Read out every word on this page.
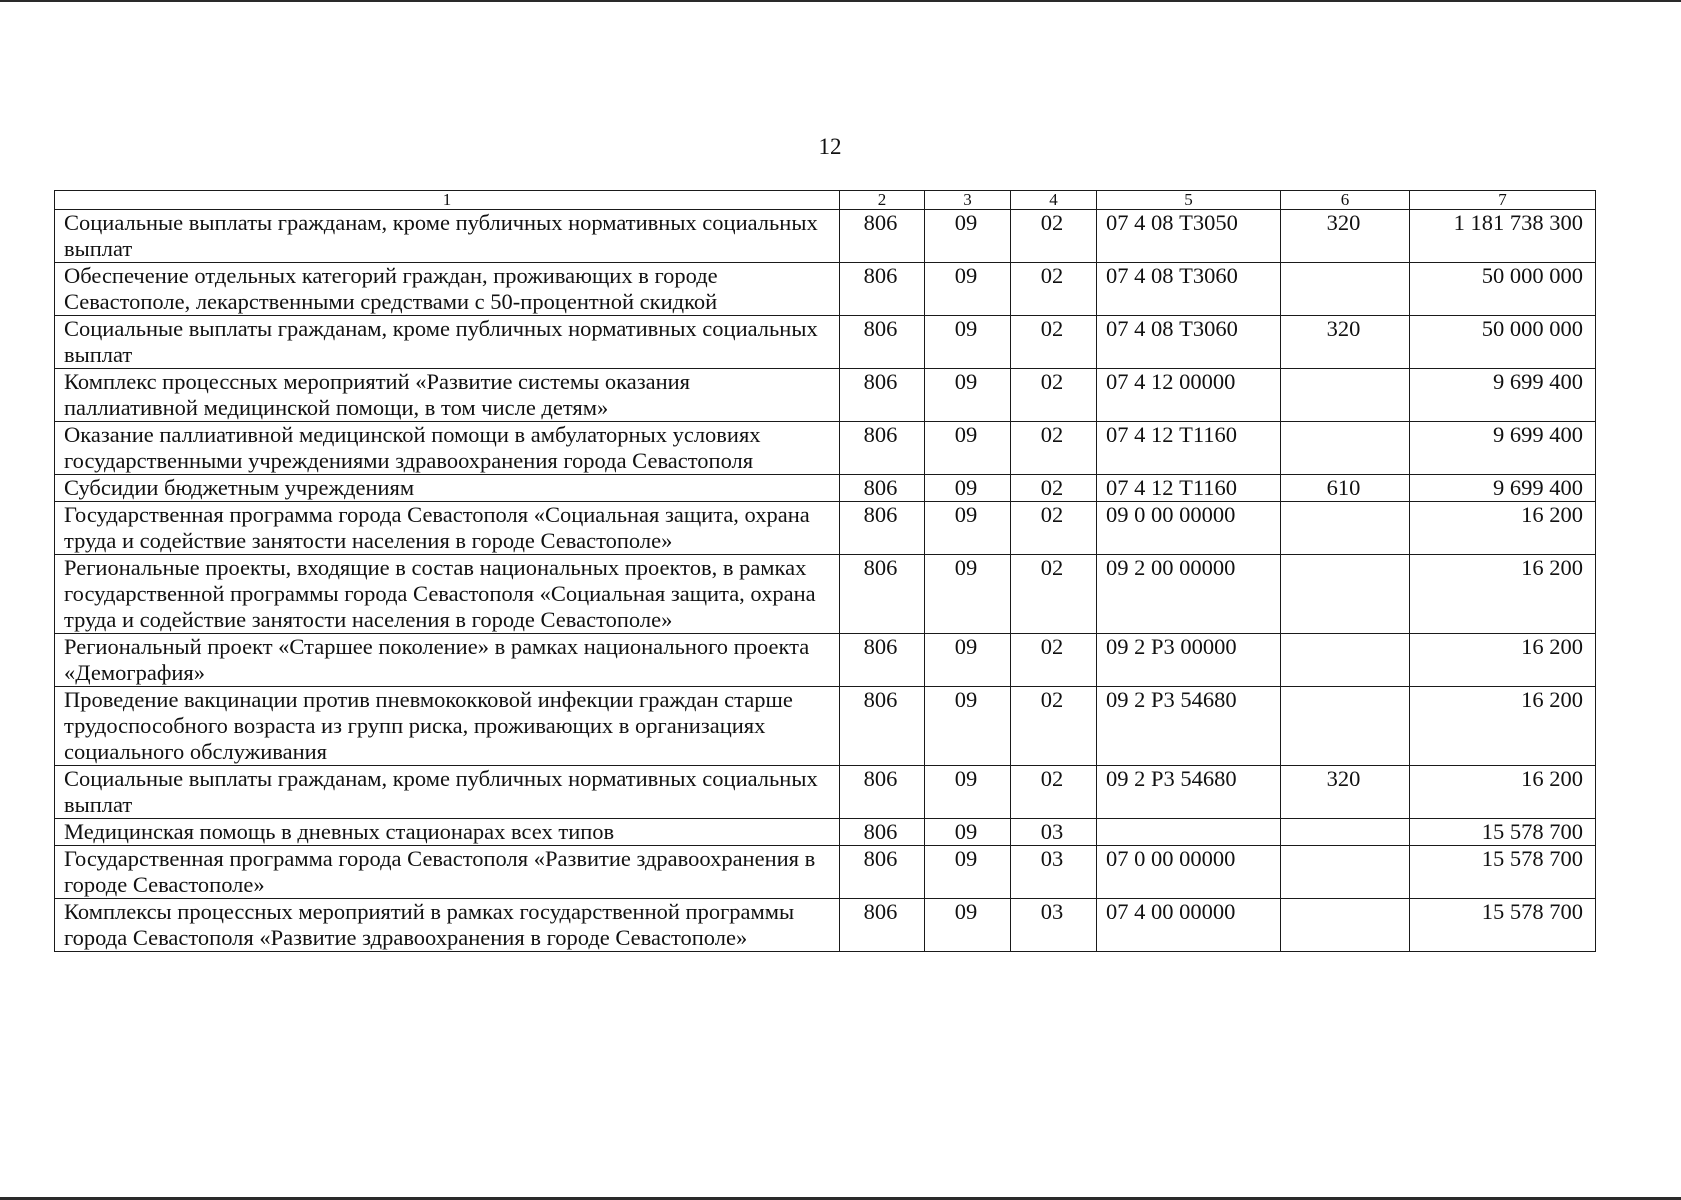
12
1	2	3	4	5	6	7
Социальные выплаты гражданам, кроме публичных нормативных социальных выплат	806	09	02	07 4 08 Т3050	320	1 181 738 300
Обеспечение отдельных категорий граждан, проживающих в городе Севастополе, лекарственными средствами с 50-процентной скидкой	806	09	02	07 4 08 Т3060		50 000 000
Социальные выплаты гражданам, кроме публичных нормативных социальных выплат	806	09	02	07 4 08 Т3060	320	50 000 000
Комплекс процессных мероприятий «Развитие системы оказания паллиативной медицинской помощи, в том числе детям»	806	09	02	07 4 12 00000		9 699 400
Оказание паллиативной медицинской помощи в амбулаторных условиях государственными учреждениями здравоохранения города Севастополя	806	09	02	07 4 12 Т1160		9 699 400
Субсидии бюджетным учреждениям	806	09	02	07 4 12 Т1160	610	9 699 400
Государственная программа города Севастополя «Социальная защита, охрана труда и содействие занятости населения в городе Севастополе»	806	09	02	09 0 00 00000		16 200
Региональные проекты, входящие в состав национальных проектов, в рамках государственной программы города Севастополя «Социальная защита, охрана труда и содействие занятости населения в городе Севастополе»	806	09	02	09 2 00 00000		16 200
Региональный проект «Старшее поколение» в рамках национального проекта «Демография»	806	09	02	09 2 Р3 00000		16 200
Проведение вакцинации против пневмококковой инфекции граждан старше трудоспособного возраста из групп риска, проживающих в организациях социального обслуживания	806	09	02	09 2 Р3 54680		16 200
Социальные выплаты гражданам, кроме публичных нормативных социальных выплат	806	09	02	09 2 Р3 54680	320	16 200
Медицинская помощь в дневных стационарах всех типов	806	09	03			15 578 700
Государственная программа города Севастополя «Развитие здравоохранения в городе Севастополе»	806	09	03	07 0 00 00000		15 578 700
Комплексы процессных мероприятий в рамках государственной программы города Севастополя «Развитие здравоохранения в городе Севастополе»	806	09	03	07 4 00 00000		15 578 700
